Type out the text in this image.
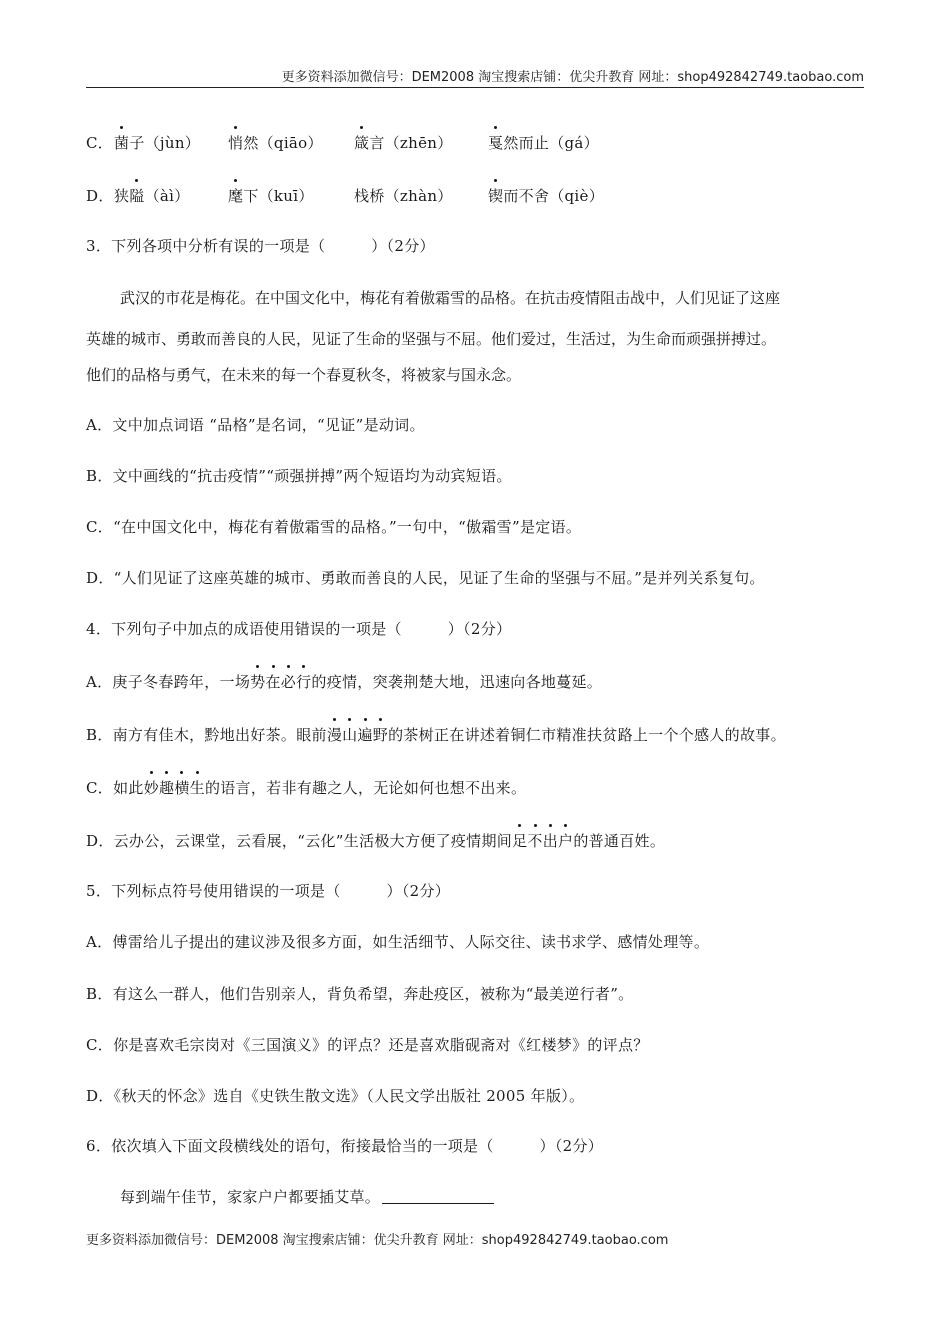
更多资料添加微信号：DEM2008 淘宝搜索店铺：优尖升教育 网址：shop492842749.taobao.com
C． 菌子（jùn） 悄然（qiāo） 箴言（zhēn） 戛然而止（gá）
D． 狭隘（àì）	麾下（kuī）	栈桥（zhàn） 锲而不舍（qiè）
3．下列各项中分析有误的一项是（　　　）（2分）
武汉的市花是梅花。在中国文化中，梅花有着傲霜雪的品格。在抗击疫情阻击战中，人们见证了这座
英雄的城市、勇敢而善良的人民，见证了生命的坚强与不屈。他们爱过，生活过，为生命而顽强拼搏过。
他们的品格与勇气，在未来的每一个春夏秋冬，将被家与国永念。
A．文中加点词语 “品格”是名词，“见证”是动词。
B．文中画线的“抗击疫情”“顽强拼搏”两个短语均为动宾短语。
C．“在中国文化中，梅花有着傲霜雪的品格。”一句中，“傲霜雪”是定语。
D．“人们见证了这座英雄的城市、勇敢而善良的人民，见证了生命的坚强与不屈。”是并列关系复句。
4．下列句子中加点的成语使用错误的一项是（　　　）（2分）
A．庚子冬春跨年，一场势在必行的疫情，突袭荆楚大地，迅速向各地蔓延。
B．南方有佳木，黔地出好茶。眼前漫山遍野的茶树正在讲述着铜仁市精准扶贫路上一个个感人的故事。
C．如此妙趣横生的语言，若非有趣之人，无论如何也想不出来。
D．云办公，云课堂，云看展，“云化”生活极大方便了疫情期间足不出户的普通百姓。
5．下列标点符号使用错误的一项是（　　　）（2分）
A．傅雷给儿子提出的建议涉及很多方面，如生活细节、人际交往、读书求学、感情处理等。
B．有这么一群人，他们告别亲人，背负希望，奔赴疫区，被称为“最美逆行者”。
C．你是喜欢毛宗岗对《三国演义》的评点？还是喜欢脂砚斋对《红楼梦》的评点？
D．《秋天的怀念》选自《史铁生散文选》（人民文学出版社 2005 年版）。
6．依次填入下面文段横线处的语句，衔接最恰当的一项是（　　　）（2分）
每到端午佳节，家家户户都要插艾草。
更多资料添加微信号：DEM2008 淘宝搜索店铺：优尖升教育 网址：shop492842749.taobao.com
